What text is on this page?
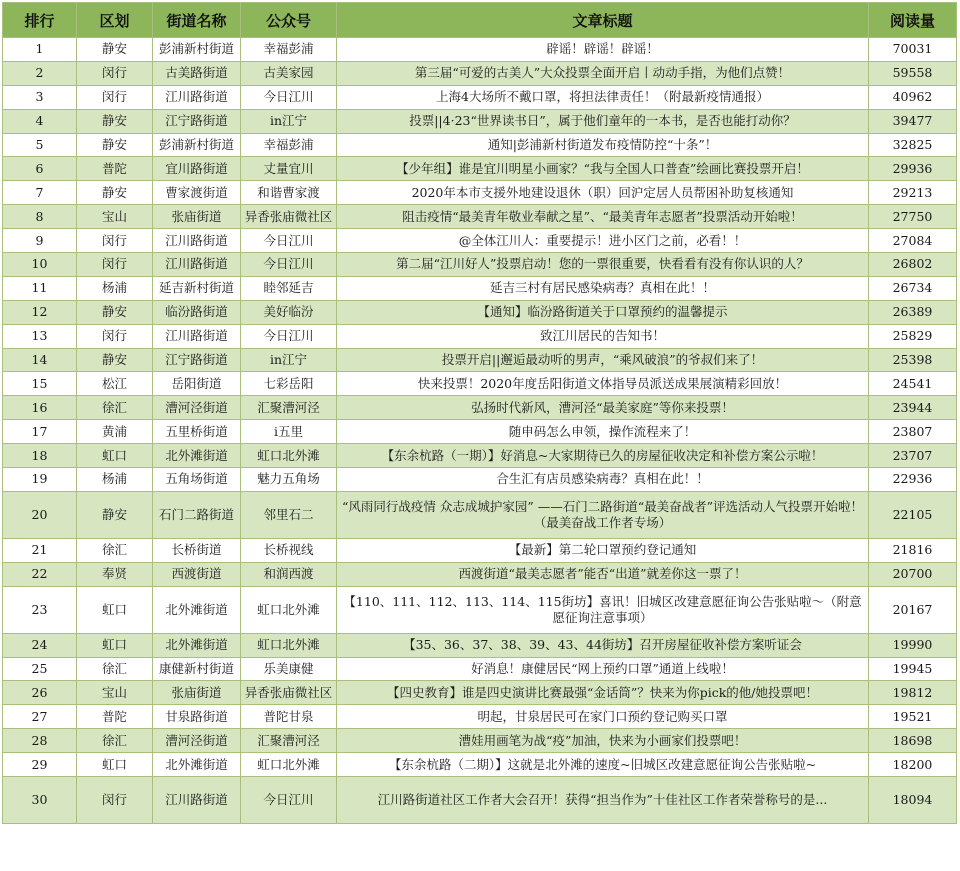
排行	区划	街道名称	公众号	文章标题	阅读量
1	静安	彭浦新村街道	幸福彭浦	辟谣！辟谣！辟谣！	70031
2	闵行	古美路街道	古美家园	第三届“可爱的古美人”大众投票全面开启丨动动手指，为他们点赞！	59558
3	闵行	江川路街道	今日江川	上海4大场所不戴口罩，将担法律责任！（附最新疫情通报）	40962
4	静安	江宁路街道	in江宁	投票||4·23“世界读书日”，属于他们童年的一本书，是否也能打动你？	39477
5	静安	彭浦新村街道	幸福彭浦	通知|彭浦新村街道发布疫情防控“十条”！	32825
6	普陀	宜川路街道	丈量宜川	【少年组】谁是宜川明星小画家？“我与全国人口普查”绘画比赛投票开启！	29936
7	静安	曹家渡街道	和谐曹家渡	2020年本市支援外地建设退休（职）回沪定居人员帮困补助复核通知	29213
8	宝山	张庙街道	异香张庙微社区	阻击疫情“最美青年敬业奉献之星”、“最美青年志愿者”投票活动开始啦！	27750
9	闵行	江川路街道	今日江川	@全体江川人：重要提示！进小区门之前，必看！！	27084
10	闵行	江川路街道	今日江川	第二届“江川好人”投票启动！您的一票很重要，快看看有没有你认识的人？	26802
11	杨浦	延吉新村街道	睦邻延吉	延吉三村有居民感染病毒？真相在此！！	26734
12	静安	临汾路街道	美好临汾	【通知】临汾路街道关于口罩预约的温馨提示	26389
13	闵行	江川路街道	今日江川	致江川居民的告知书！	25829
14	静安	江宁路街道	in江宁	投票开启||邂逅最动听的男声，“乘风破浪”的爷叔们来了！	25398
15	松江	岳阳街道	七彩岳阳	快来投票！2020年度岳阳街道文体指导员派送成果展演精彩回放！	24541
16	徐汇	漕河泾街道	汇聚漕河泾	弘扬时代新风，漕河泾“最美家庭”等你来投票！	23944
17	黄浦	五里桥街道	i五里	随申码怎么申领，操作流程来了！	23807
18	虹口	北外滩街道	虹口北外滩	【东余杭路（一期）】好消息~大家期待已久的房屋征收决定和补偿方案公示啦！	23707
19	杨浦	五角场街道	魅力五角场	合生汇有店员感染病毒？真相在此！！	22936
20	静安	石门二路街道	邻里石二	“风雨同行战疫情 众志成城护家园” ——石门二路街道“最美奋战者”评选活动人气投票开始啦！（最美奋战工作者专场）	22105
21	徐汇	长桥街道	长桥视线	【最新】第二轮口罩预约登记通知	21816
22	奉贤	西渡街道	和润西渡	西渡街道“最美志愿者”能否“出道”就差你这一票了！	20700
23	虹口	北外滩街道	虹口北外滩	【110、111、112、113、114、115街坊】喜讯！旧城区改建意愿征询公告张贴啦～（附意愿征询注意事项）	20167
24	虹口	北外滩街道	虹口北外滩	【35、36、37、38、39、43、44街坊】召开房屋征收补偿方案听证会	19990
25	徐汇	康健新村街道	乐美康健	好消息！康健居民“网上预约口罩”通道上线啦！	19945
26	宝山	张庙街道	异香张庙微社区	【四史教育】谁是四史演讲比赛最强“金话筒”？快来为你pick的他/她投票吧！	19812
27	普陀	甘泉路街道	普陀甘泉	明起，甘泉居民可在家门口预约登记购买口罩	19521
28	徐汇	漕河泾街道	汇聚漕河泾	漕娃用画笔为战“疫”加油，快来为小画家们投票吧！	18698
29	虹口	北外滩街道	虹口北外滩	【东余杭路（二期）】这就是北外滩的速度~旧城区改建意愿征询公告张贴啦~	18200
30	闵行	江川路街道	今日江川	江川路街道社区工作者大会召开！获得“担当作为”十佳社区工作者荣誉称号的是...	18094
